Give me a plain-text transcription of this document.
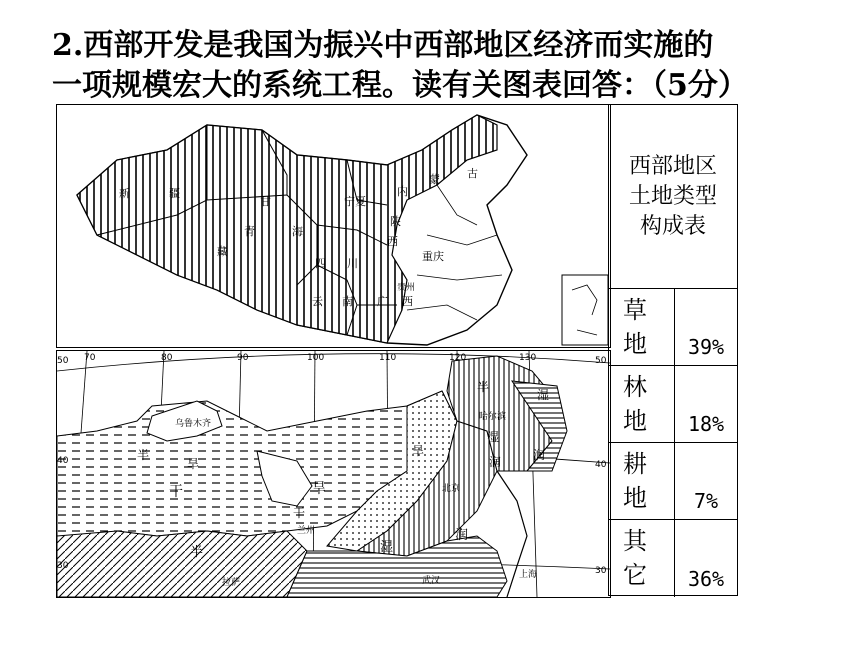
2.西部开发是我国为振兴中西部地区经济而实施的
一项规模宏大的系统工程。读有关图表回答：（5分）
新	疆
甘	宁夏
内
蒙 古
青	海
陕
西
藏
四 川
重庆
贵州
云 南 广 西
50 70	80	90	100	110	120	130
40
30
50
40
30
乌鲁木齐
哈尔滨
北京
兰州
拉萨	武汉
上海
干	旱
半
旱
湿
润
半
湿
润
干
旱
半	湿
润
西部地区土地类型构成表
草地	39%
林地	18%
耕地	7%
其它	36%
